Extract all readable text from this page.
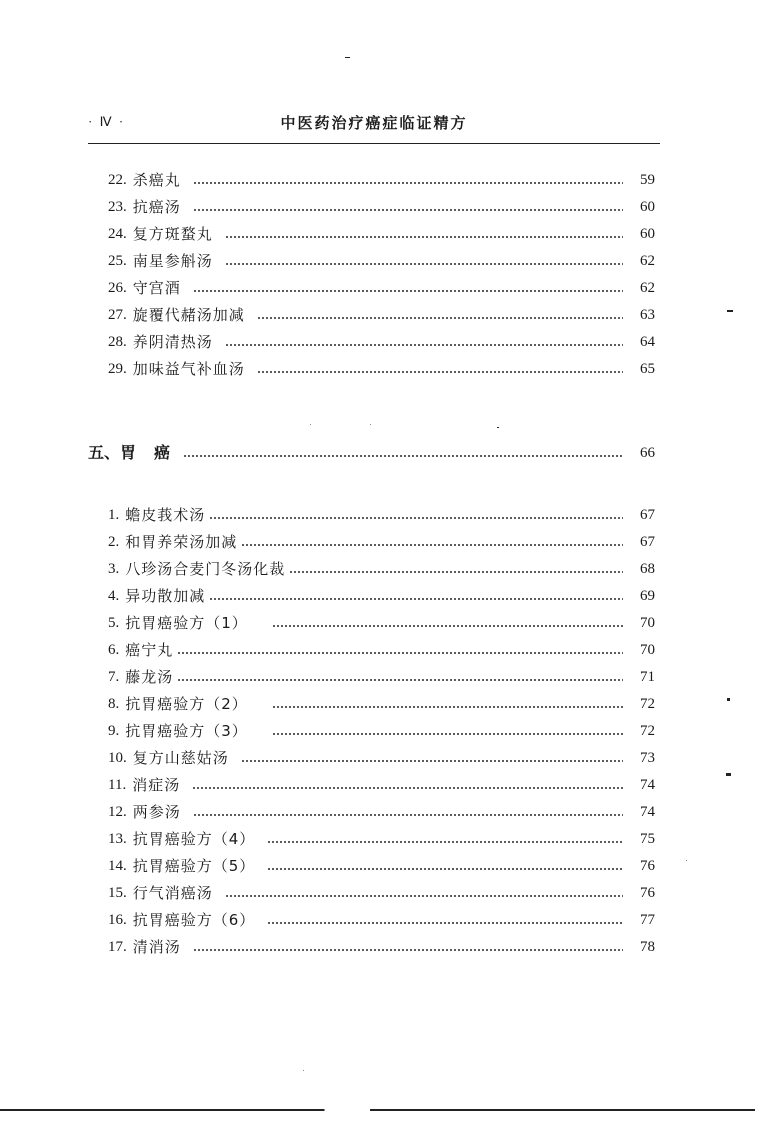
· Ⅳ ·	中医药治疗癌症临证精方
22. 杀癌丸	59
23. 抗癌汤	60
24. 复方斑蝥丸	60
25. 南星参斛汤	62
26. 守宫酒	62
27. 旋覆代赭汤加减	63
28. 养阴清热汤	64
29. 加味益气补血汤	65
五、 胃　癌	66
1. 蟾皮莪术汤	67
2. 和胃养荣汤加减	67
3. 八珍汤合麦门冬汤化裁	68
4. 异功散加减	69
5. 抗胃癌验方（1）	70
6. 癌宁丸	70
7. 藤龙汤	71
8. 抗胃癌验方（2）	72
9. 抗胃癌验方（3）	72
10. 复方山慈姑汤	73
11. 消症汤	74
12. 两参汤	74
13. 抗胃癌验方（4）	75
14. 抗胃癌验方（5）	76
15. 行气消癌汤	76
16. 抗胃癌验方（6）	77
17. 清消汤	78
